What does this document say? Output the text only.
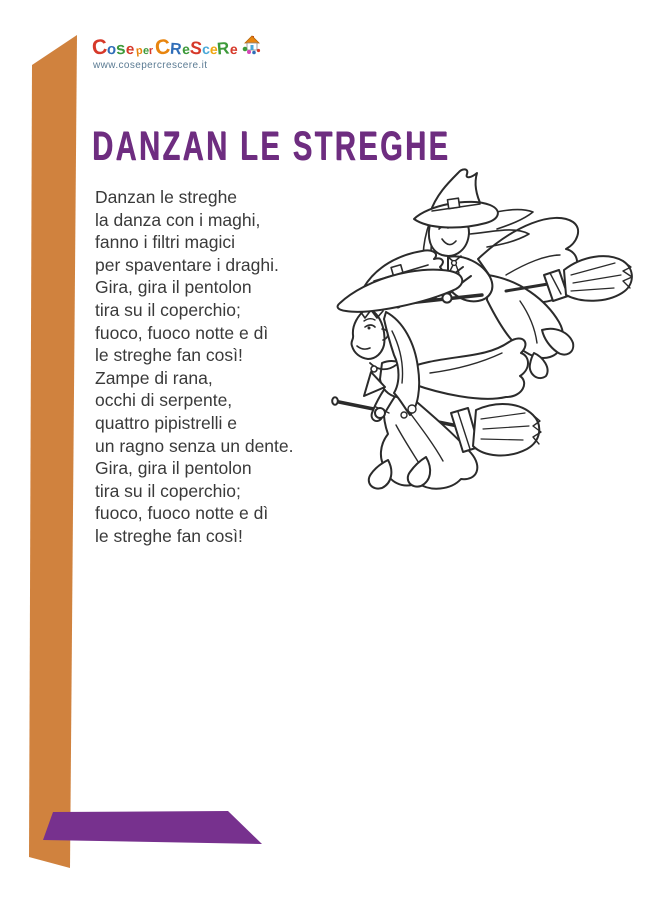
C
o
s
e
p
e
r
C
R
e
S
c
e
R
e
www.cosepercrescere.it
DANZAN LE STREGHE
Danzan le streghe
la danza con i maghi,
fanno i filtri magici
per spaventare i draghi.
Gira, gira il pentolon
tira su il coperchio;
fuoco, fuoco notte e dì
le streghe fan così!
Zampe di rana,
occhi di serpente,
quattro pipistrelli e
un ragno senza un dente.
Gira, gira il pentolon
tira su il coperchio;
fuoco, fuoco notte e dì
le streghe fan così!
